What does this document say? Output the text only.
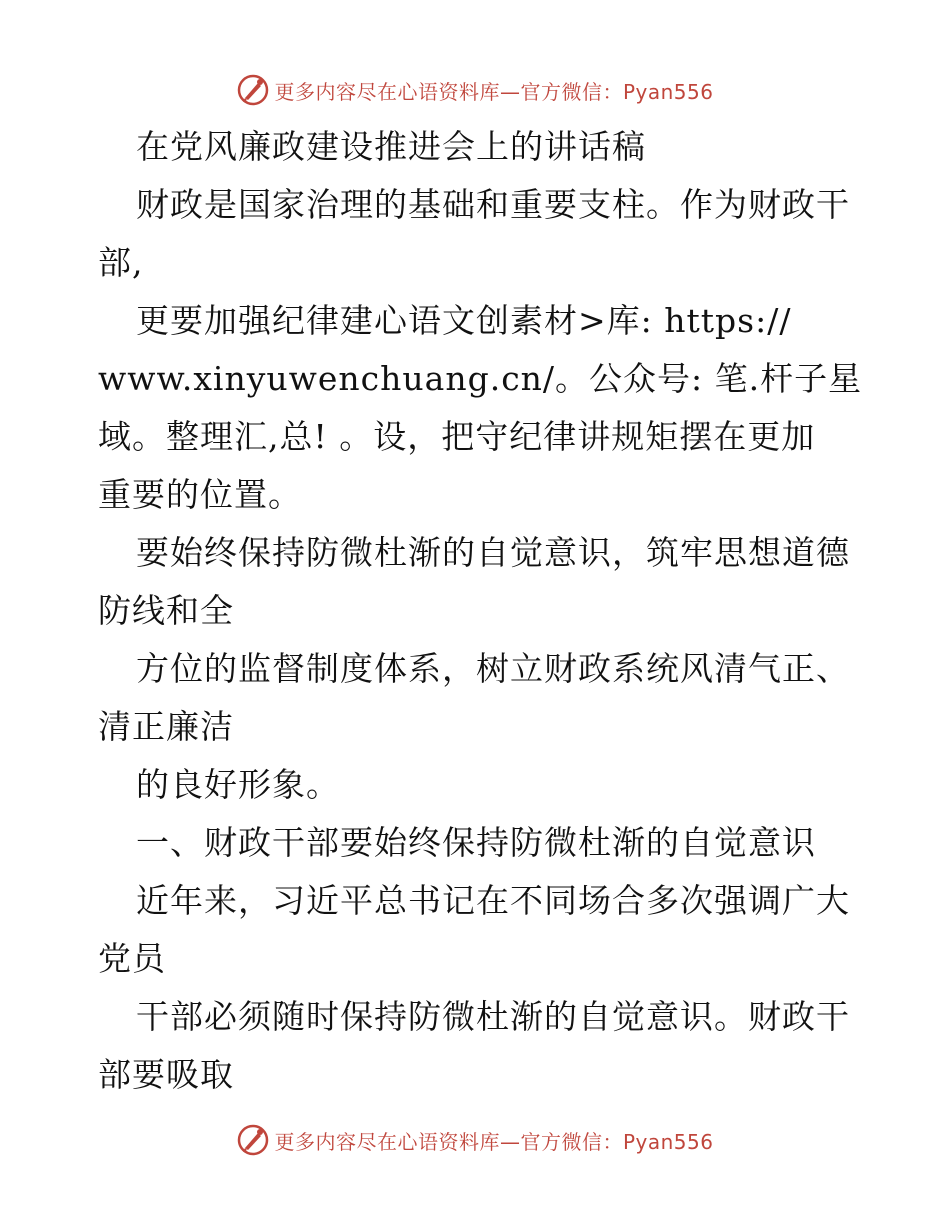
更多内容尽在心语资料库—官方微信：Pyan556
在党风廉政建设推进会上的讲话稿
财政是国家治理的基础和重要支柱。作为财政干
部,
更要加强纪律建心语文创素材>库: https://
www.xinyuwenchuang.cn/。公众号: 笔.杆子星
域。整理汇,总! 。设，把守纪律讲规矩摆在更加
重要的位置。
要始终保持防微杜渐的自觉意识，筑牢思想道德
防线和全
方位的监督制度体系，树立财政系统风清气正、
清正廉洁
的良好形象。
一、财政干部要始终保持防微杜渐的自觉意识
近年来，习近平总书记在不同场合多次强调广大
党员
干部必须随时保持防微杜渐的自觉意识。财政干
部要吸取
更多内容尽在心语资料库—官方微信：Pyan556
